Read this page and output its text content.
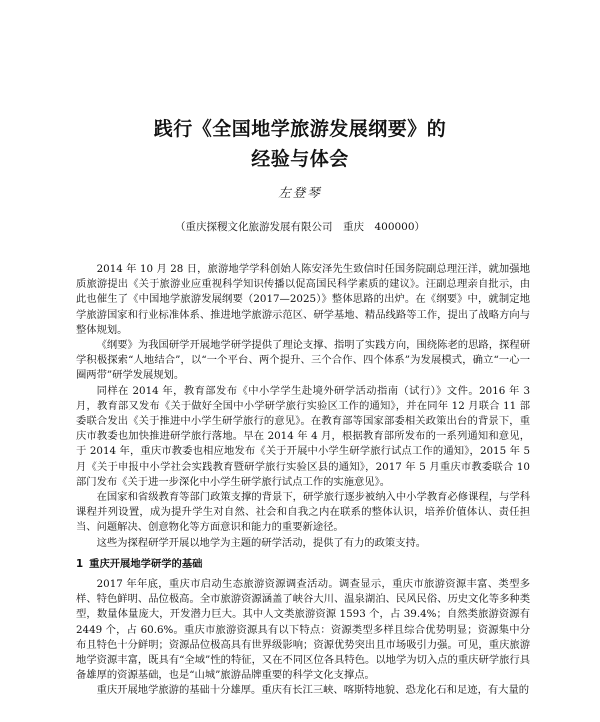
践行《全国地学旅游发展纲要》的
经验与体会
左登琴
（重庆探稷文化旅游发展有限公司　重庆　400000）

2014 年 10 月 28 日，旅游地学学科创始人陈安泽先生致信时任国务院副总理汪洋，就加强地质旅游提出《关于旅游业应重视科学知识传播以促高国民科学素质的建议》。汪副总理亲自批示，由此也催生了《中国地学旅游发展纲要（2017—2025）》整体思路的出炉。在《纲要》中，就制定地学旅游国家和行业标准体系、推进地学旅游示范区、研学基地、精品线路等工作，提出了战略方向与整体规划。

《纲要》为我国研学开展地学研学提供了理论支撑、指明了实践方向，围绕陈老的思路，探程研学积极探索“人地结合”，以“一个平台、两个提升、三个合作、四个体系”为发展模式，确立“一心一圈两带”研学发展规划。

同样在 2014 年，教育部发布《中小学学生赴境外研学活动指南（试行）》文件。2016 年 3 月，教育部又发布《关于做好全国中小学研学旅行实验区工作的通知》，并在同年 12 月联合 11 部委联合发出《关于推进中小学生研学旅行的意见》。在教育部等国家部委相关政策出台的背景下，重庆市教委也加快推进研学旅行落地。早在 2014 年 4 月，根据教育部所发布的一系列通知和意见，于 2014 年，重庆市教委也相应地发布《关于开展中小学生研学旅行试点工作的通知》，2015 年 5 月《关于申报中小学社会实践教育暨研学旅行实验区县的通知》，2017 年 5 月重庆市教委联合 10 部门发布《关于进一步深化中小学生研学旅行试点工作的实施意见》。

在国家和省级教育等部门政策支撑的背景下，研学旅行逐步被纳入中小学教育必修课程，与学科课程并列设置，成为提升学生对自然、社会和自我之内在联系的整体认识，培养价值体认、责任担当、问题解决、创意物化等方面意识和能力的重要新途径。

这些为探程研学开展以地学为主题的研学活动，提供了有力的政策支持。

1 重庆开展地学研学的基础

2017 年年底，重庆市启动生态旅游资源调查活动。调查显示，重庆市旅游资源丰富、类型多样、特色鲜明、品位极高。全市旅游资源涵盖了峡谷大川、温泉湖泊、民风民俗、历史文化等多种类型，数量体量庞大，开发潜力巨大。其中人文类旅游资源 1593 个，占 39.4%；自然类旅游资源有 2449 个，占 60.6%。重庆市旅游资源具有以下特点：资源类型多样且综合优势明显；资源集中分布且特色十分鲜明；资源品位极高具有世界级影响；资源优势突出且市场吸引力强。可见，重庆旅游地学资源丰富，既具有“全域”性的特征，又在不同区位各具特色。以地学为切入点的重庆研学旅行具备雄厚的资源基础，也是“山城”旅游品牌重要的科学文化支撑点。

重庆开展地学旅游的基础十分雄厚。重庆有长江三峡、喀斯特地貌、恐龙化石和足迹，有大量的
